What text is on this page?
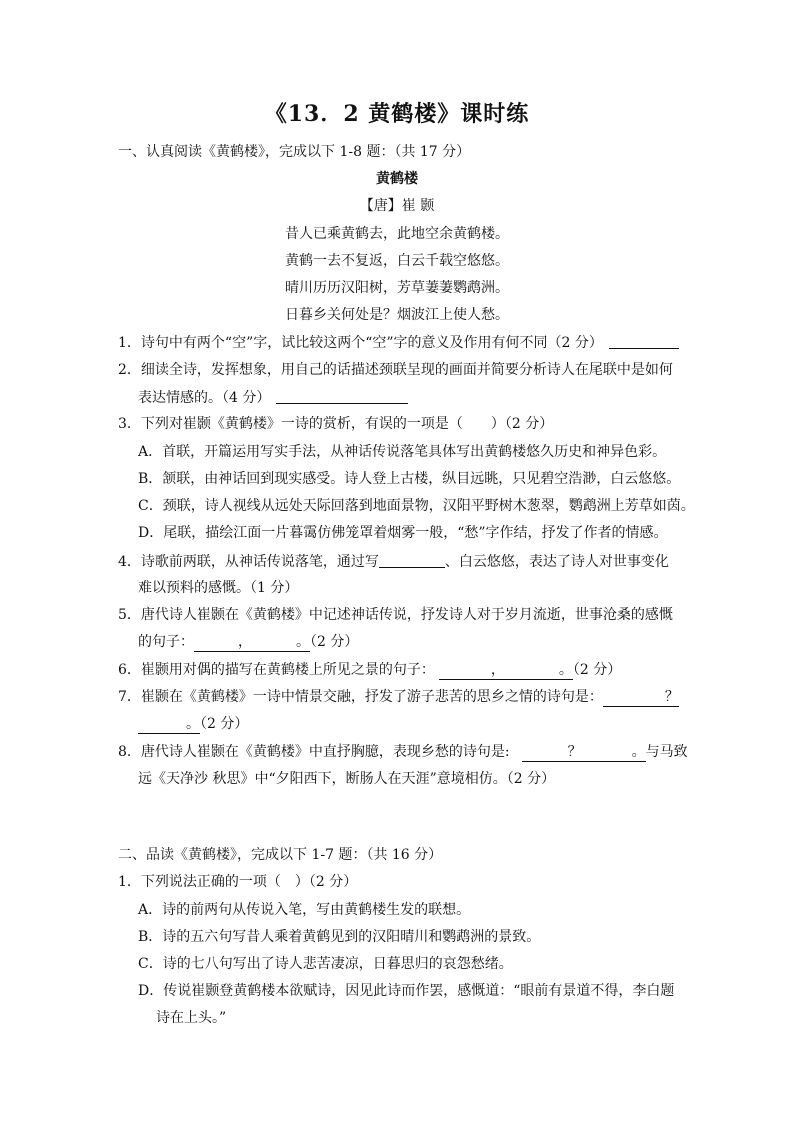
《13．2 黄鹤楼》课时练
一、认真阅读《黄鹤楼》，完成以下 1-8 题：（共 17 分）
黄鹤楼
【唐】崔 颢
昔人已乘黄鹤去，此地空余黄鹤楼。
黄鹤一去不复返，白云千载空悠悠。
晴川历历汉阳树，芳草萋萋鹦鹉洲。
日暮乡关何处是？烟波江上使人愁。
1．诗句中有两个“空”字，试比较这两个“空”字的意义及作用有何不同（2 分）
2．细读全诗，发挥想象，用自己的话描述颈联呈现的画面并简要分析诗人在尾联中是如何
表达情感的。（4 分）
3．下列对崔颢《黄鹤楼》一诗的赏析，有误的一项是（　　）（2 分）
A．首联，开篇运用写实手法，从神话传说落笔具体写出黄鹤楼悠久历史和神异色彩。
B．颔联，由神话回到现实感受。诗人登上古楼，纵目远眺，只见碧空浩渺，白云悠悠。
C．颈联，诗人视线从远处天际回落到地面景物，汉阳平野树木葱翠，鹦鹉洲上芳草如茵。
D．尾联，描绘江面一片暮霭仿佛笼罩着烟雾一般，“愁”字作结，抒发了作者的情感。
4．诗歌前两联，从神话传说落笔，通过写	、白云悠悠，表达了诗人对世事变化
难以预料的感慨。（1 分）
5．唐代诗人崔颢在《黄鹤楼》中记述神话传说，抒发诗人对于岁月流逝，世事沧桑的感慨
的句子：	，	。（2 分）
6．崔颢用对偶的描写在黄鹤楼上所见之景的句子：	，	。（2 分）
7．崔颢在《黄鹤楼》一诗中情景交融，抒发了游子悲苦的思乡之情的诗句是：	？
。（2 分）
8．唐代诗人崔颢在《黄鹤楼》中直抒胸臆，表现乡愁的诗句是:	？	。与马致
远《天净沙 秋思》中“夕阳西下，断肠人在天涯”意境相仿。（2 分）
二、品读《黄鹤楼》，完成以下 1-7 题：（共 16 分）
1．下列说法正确的一项（　）（2 分）
A．诗的前两句从传说入笔，写由黄鹤楼生发的联想。
B．诗的五六句写昔人乘着黄鹤见到的汉阳晴川和鹦鹉洲的景致。
C．诗的七八句写出了诗人悲苦凄凉，日暮思归的哀怨愁绪。
D．传说崔颢登黄鹤楼本欲赋诗，因见此诗而作罢，感慨道：“眼前有景道不得，李白题
诗在上头。”
